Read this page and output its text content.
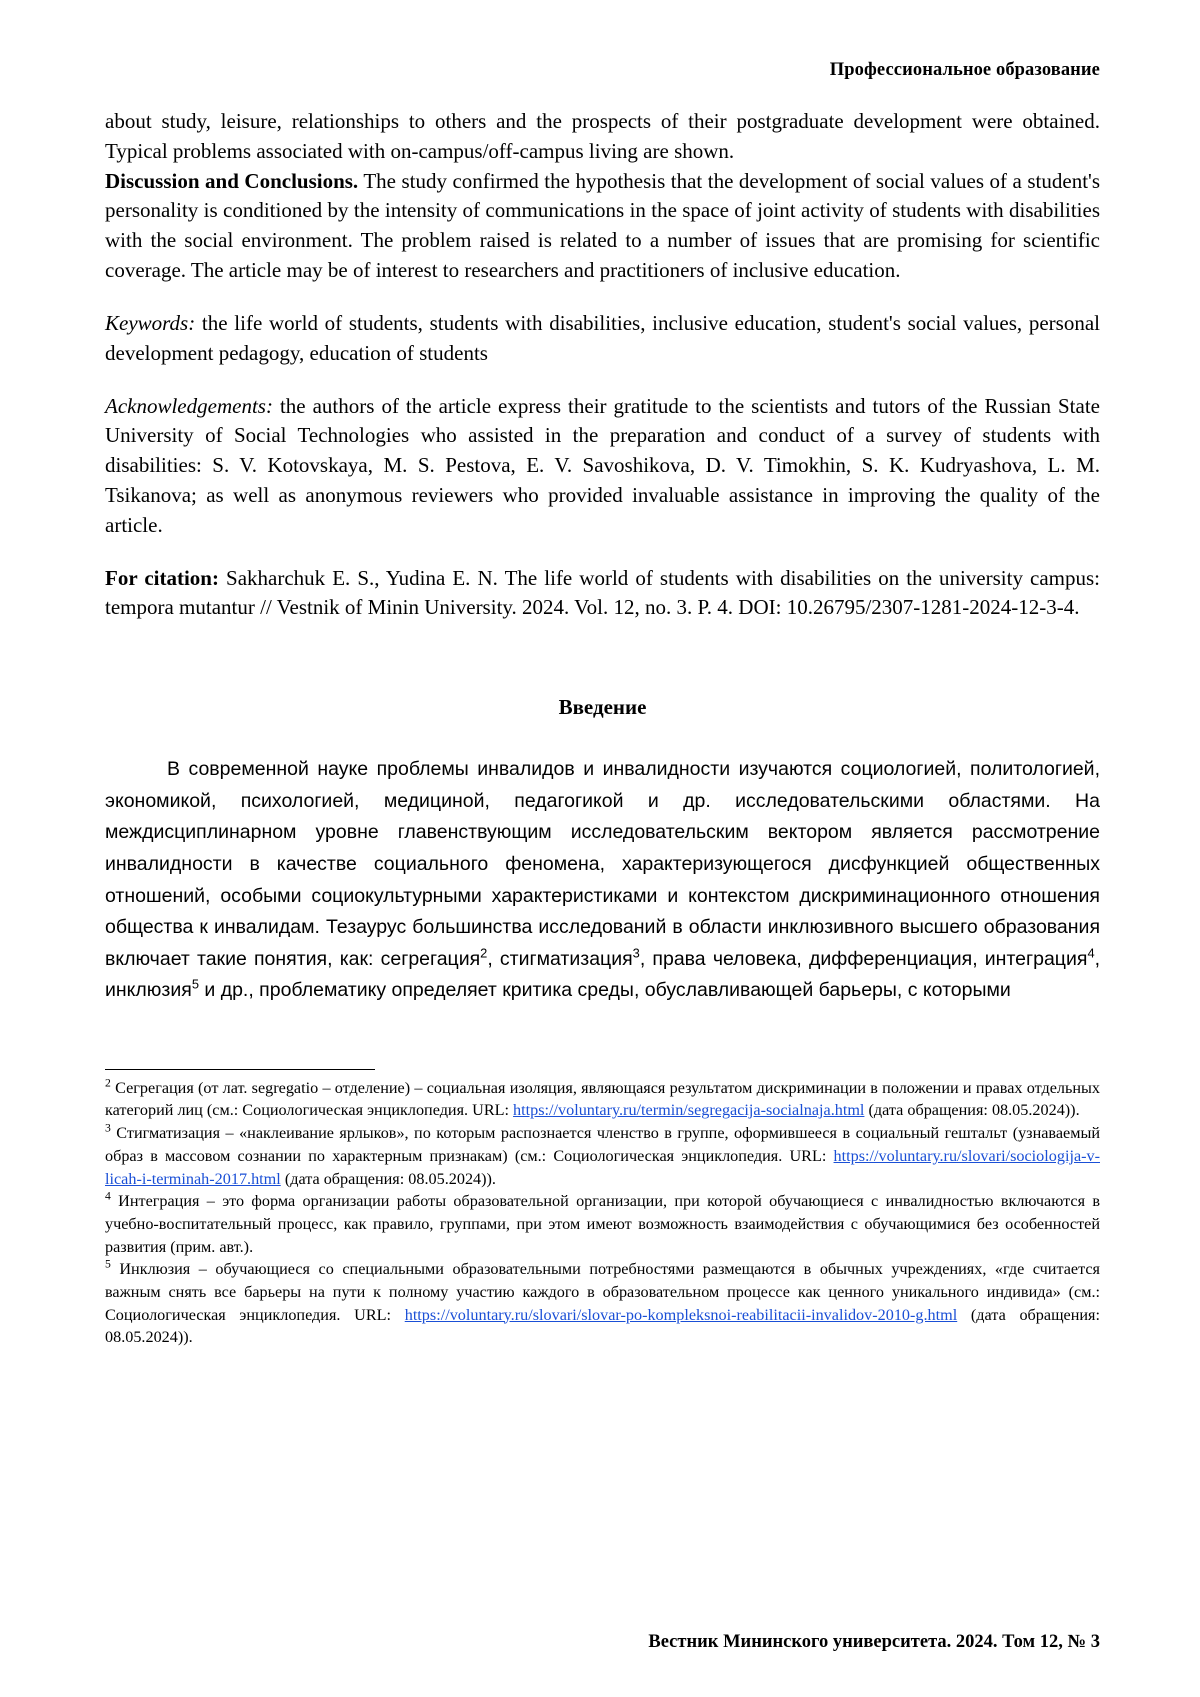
Профессиональное образование

about study, leisure, relationships to others and the prospects of their postgraduate development were obtained. Typical problems associated with on-campus/off-campus living are shown.

Discussion and Conclusions. The study confirmed the hypothesis that the development of social values of a student's personality is conditioned by the intensity of communications in the space of joint activity of students with disabilities with the social environment. The problem raised is related to a number of issues that are promising for scientific coverage. The article may be of interest to researchers and practitioners of inclusive education.

Keywords: the life world of students, students with disabilities, inclusive education, student's social values, personal development pedagogy, education of students

Acknowledgements: the authors of the article express their gratitude to the scientists and tutors of the Russian State University of Social Technologies who assisted in the preparation and conduct of a survey of students with disabilities: S. V. Kotovskaya, M. S. Pestova, E. V. Savoshikova, D. V. Timokhin, S. K. Kudryashova, L. M. Tsikanova; as well as anonymous reviewers who provided invaluable assistance in improving the quality of the article.

For citation: Sakharchuk E. S., Yudina E. N. The life world of students with disabilities on the university campus: tempora mutantur // Vestnik of Minin University. 2024. Vol. 12, no. 3. P. 4. DOI: 10.26795/2307-1281-2024-12-3-4.

Введение

В современной науке проблемы инвалидов и инвалидности изучаются социологией, политологией, экономикой, психологией, медициной, педагогикой и др. исследовательскими областями. На междисциплинарном уровне главенствующим исследовательским вектором является рассмотрение инвалидности в качестве социального феномена, характеризующегося дисфункцией общественных отношений, особыми социокультурными характеристиками и контекстом дискриминационного отношения общества к инвалидам. Тезаурус большинства исследований в области инклюзивного высшего образования включает такие понятия, как: сегрегация$^2$, стигматизация$^3$, права человека, дифференциация, интеграция$^4$, инклюзия$^5$ и др., проблематику определяет критика среды, обуславливающей барьеры, с которыми

$^2$ Сегрегация (от лат. segregatio – отделение) – социальная изоляция, являющаяся результатом дискриминации в положении и правах отдельных категорий лиц (см.: Социологическая энциклопедия. URL: https://voluntary.ru/termin/segregacija-socialnaja.html (дата обращения: 08.05.2024)).

$^3$ Стигматизация – «наклеивание ярлыков», по которым распознается членство в группе, оформившееся в социальный гештальт (узнаваемый образ в массовом сознании по характерным признакам) (см.: Социологическая энциклопедия. URL: https://voluntary.ru/slovari/sociologija-v-licah-i-terminah-2017.html (дата обращения: 08.05.2024)).

$^4$ Интеграция – это форма организации работы образовательной организации, при которой обучающиеся с инвалидностью включаются в учебно-воспитательный процесс, как правило, группами, при этом имеют возможность взаимодействия с обучающимися без особенностей развития (прим. авт.).

$^5$ Инклюзия – обучающиеся со специальными образовательными потребностями размещаются в обычных учреждениях, «где считается важным снять все барьеры на пути к полному участию каждого в образовательном процессе как ценного уникального индивида» (см.: Социологическая энциклопедия. URL: https://voluntary.ru/slovari/slovar-po-kompleksnoi-reabilitacii-invalidov-2010-g.html (дата обращения: 08.05.2024)).

Вестник Мининского университета. 2024. Том 12, № 3
